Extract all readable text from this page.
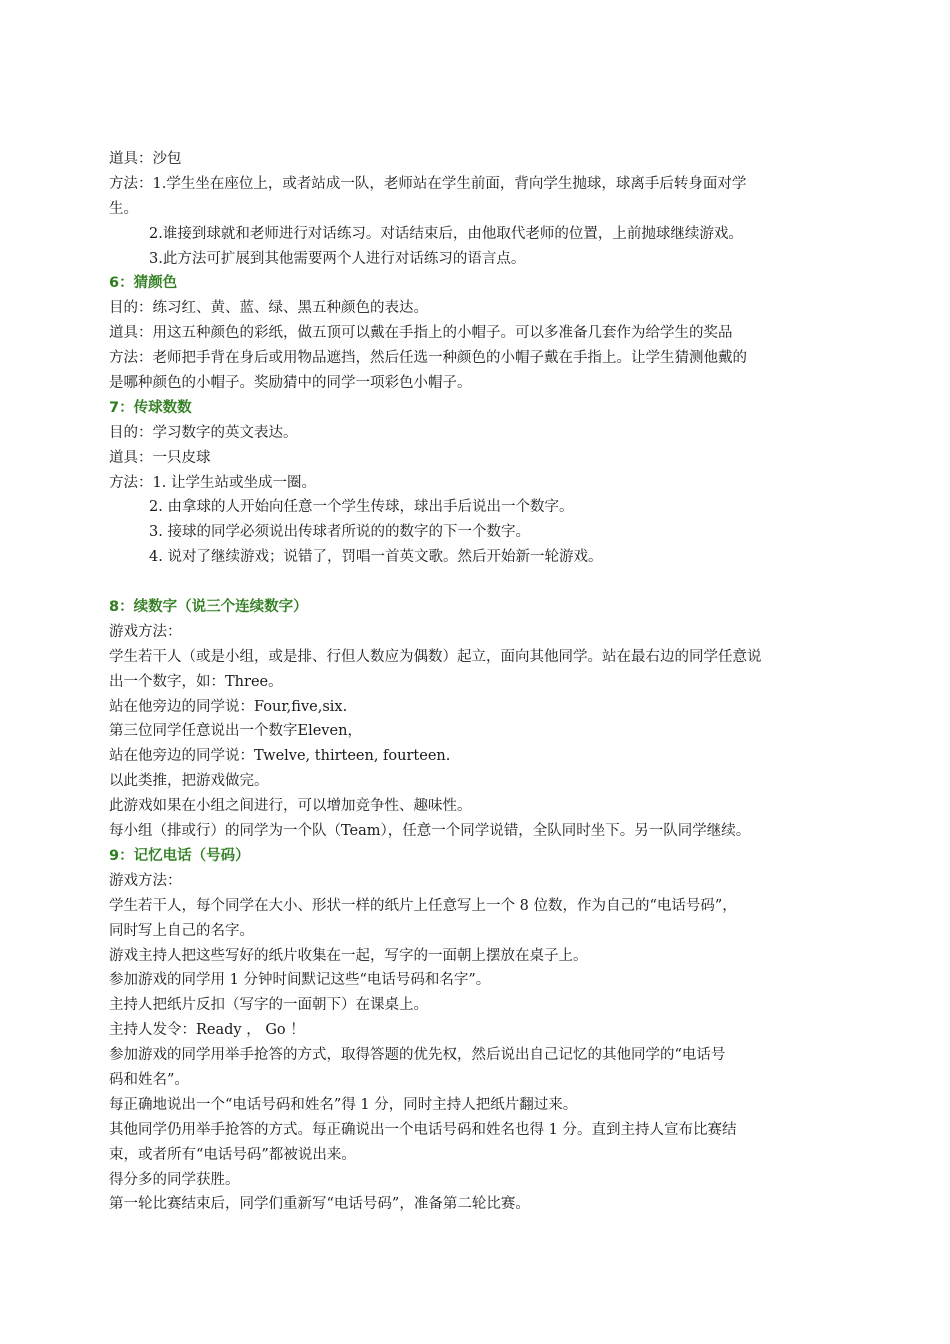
道具：沙包
方法：1.学生坐在座位上，或者站成一队，老师站在学生前面，背向学生抛球，球离手后转身面对学
生。
2.谁接到球就和老师进行对话练习。对话结束后，由他取代老师的位置，上前抛球继续游戏。
3.此方法可扩展到其他需要两个人进行对话练习的语言点。
6：猜颜色
目的：练习红、黄、蓝、绿、黑五种颜色的表达。
道具：用这五种颜色的彩纸，做五顶可以戴在手指上的小帽子。可以多准备几套作为给学生的奖品
方法：老师把手背在身后或用物品遮挡，然后任选一种颜色的小帽子戴在手指上。让学生猜测他戴的
是哪种颜色的小帽子。奖励猜中的同学一项彩色小帽子。
7：传球数数
目的：学习数字的英文表达。
道具：一只皮球
方法：1. 让学生站或坐成一圈。
2. 由拿球的人开始向任意一个学生传球，球出手后说出一个数字。
3. 接球的同学必须说出传球者所说的的数字的下一个数字。
4. 说对了继续游戏；说错了，罚唱一首英文歌。然后开始新一轮游戏。
8：续数字（说三个连续数字）
游戏方法：
学生若干人（或是小组，或是排、行但人数应为偶数）起立，面向其他同学。站在最右边的同学任意说
出一个数字，如：Three。
站在他旁边的同学说：Four,five,six.
第三位同学任意说出一个数字Eleven，
站在他旁边的同学说：Twelve, thirteen, fourteen.
以此类推，把游戏做完。
此游戏如果在小组之间进行，可以增加竞争性、趣味性。
每小组（排或行）的同学为一个队（Team），任意一个同学说错，全队同时坐下。另一队同学继续。
9：记忆电话（号码）
游戏方法：
学生若干人，每个同学在大小、形状一样的纸片上任意写上一个 8 位数，作为自己的“电话号码”，
同时写上自己的名字。
游戏主持人把这些写好的纸片收集在一起，写字的一面朝上摆放在桌子上。
参加游戏的同学用 1 分钟时间默记这些“电话号码和名字”。
主持人把纸片反扣（写字的一面朝下）在课桌上。
主持人发令：Ready ， Go ！
参加游戏的同学用举手抢答的方式，取得答题的优先权，然后说出自己记忆的其他同学的“电话号
码和姓名”。
每正确地说出一个“电话号码和姓名”得 1 分，同时主持人把纸片翻过来。
其他同学仍用举手抢答的方式。每正确说出一个电话号码和姓名也得 1 分。直到主持人宣布比赛结
束，或者所有“电话号码”都被说出来。
得分多的同学获胜。
第一轮比赛结束后，同学们重新写“电话号码”，准备第二轮比赛。
